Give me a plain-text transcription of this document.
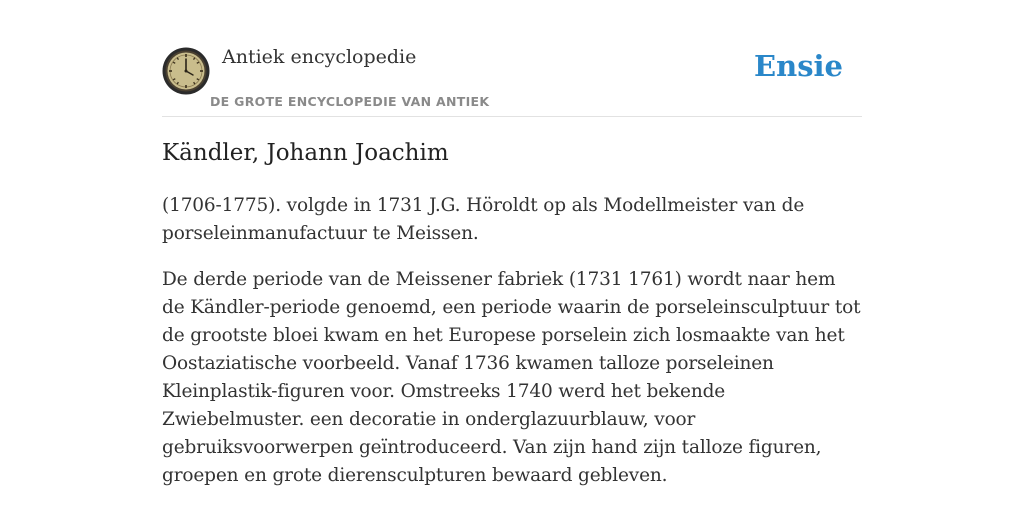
Antiek encyclopedie
DE GROTE ENCYCLOPEDIE VAN ANTIEK
Ensie
Kändler, Johann Joachim

(1706-1775). volgde in 1731 J.G. Höroldt op als Modellmeister van de porseleinmanufactuur te Meissen.

De derde periode van de Meissener fabriek (1731 1761) wordt naar hem de Kändler-periode genoemd, een periode waarin de porseleinsculptuur tot de grootste bloei kwam en het Europese porselein zich losmaakte van het Oostaziatische voorbeeld. Vanaf 1736 kwamen talloze porseleinen Kleinplastik-figuren voor. Omstreeks 1740 werd het bekende Zwiebelmuster. een decoratie in onderglazuurblauw, voor gebruiksvoorwerpen geïntroduceerd. Van zijn hand zijn talloze figuren, groepen en grote dierensculpturen bewaard gebleven.
